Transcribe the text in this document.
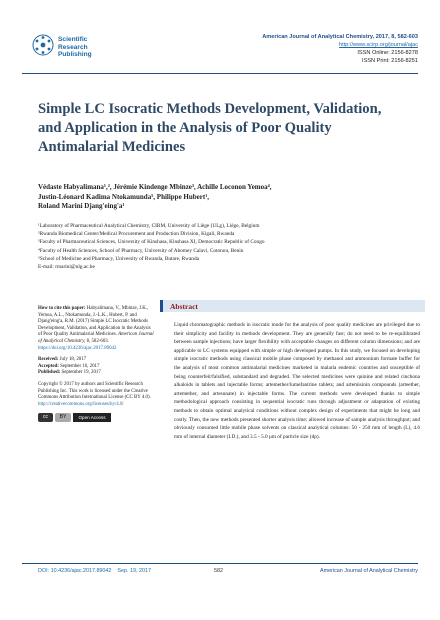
Scientific
Research
Publishing
American Journal of Analytical Chemistry, 2017, 8, 582-603
http://www.scirp.org/journal/ajac
ISSN Online: 2156-8278
ISSN Print: 2156-8251
Simple LC Isocratic Methods Development, Validation, and Application in the Analysis of Poor Quality Antimalarial Medicines
Védaste Habyalimana¹,², Jérémie Kindenge Mbinze³, Achille Loconon Yemoa⁴,
Justin-Léonard Kadima Ntokamunda⁵, Philippe Hubert¹,
Roland Marini Djang'eing'a¹
¹Laboratory of Pharmaceutical Analytical Chemistry, CIRM, University of Liège (ULg), Liège, Belgium
²Rwanda Biomedical Center/Medical Procurement and Production Division, Kigali, Rwanda
³Faculty of Pharmaceutical Sciences, University of Kinshasa, Kinshasa XI, Democratic Republic of Congo
⁴Faculty of Health Sciences, School of Pharmacy, University of Abomey Calavi, Cotonou, Benin
⁵School of Medicine and Pharmacy, University of Rwanda, Butare, Rwanda
E-mail: rmarini@ulg.ac.be

How to cite this paper: Habyalimana, V., Mbinze, J.K., Yemoa, A.L., Ntokamunda, J.-L.K., Hubert, P. and Djang'eing'a, R.M. (2017) Simple LC Isocratic Methods Development, Validation, and Application in the Analysis of Poor Quality Antimalarial Medicines. American Journal of Analytical Chemistry, 8, 582-603. https://doi.org/10.4236/ajac.2017.89042

Received: July 18, 2017
Accepted: September 16, 2017
Published: September 19, 2017

Copyright © 2017 by authors and Scientific Research Publishing Inc. This work is licensed under the Creative Commons Attribution International License (CC BY 4.0).
http://creativecommons.org/licenses/by/4.0/

cc	BY	Open Access
Abstract
Liquid chromatographic methods in isocratic mode for the analysis of poor quality medicines are privileged due to their simplicity and facility in methods development. They are generally fast; do not need to be re-equilibrated between sample injections; have larger flexibility with acceptable changes on different column dimensions; and are applicable to LC systems equipped with simple or high developed pumps. In this study, we focused on developing simple isocratic methods using classical mobile phase composed by methanol and ammonium formate buffer for the analysis of most common antimalarial medicines marketed in malaria endemic countries and susceptible of being counterfeit/falsified, substandard and degraded. The selected medicines were quinine and related cinchona alkaloids in tablets and injectable forms; artemether/lumefantrine tablets; and artemisinin compounds (arteether, artemether, and artesunate) in injectable forms. The current methods were developed thanks to simple methodological approach consisting in sequential isocratic runs through adjustment or adaptation of existing methods to obtain optimal analytical conditions without complex design of experiments that might be long and costly. Then, the new methods presented shorter analysis time; allowed increase of sample analysis throughput; and obviously consumed little mobile phase solvents on classical analytical columns: 50 - 250 mm of length (L), 4.6 mm of internal diameter (I.D.), and 3.5 - 5.0 μm of particle size (dp).
DOI: 10.4236/ajac.2017.89042    Sep. 19, 2017	582	American Journal of Analytical Chemistry
